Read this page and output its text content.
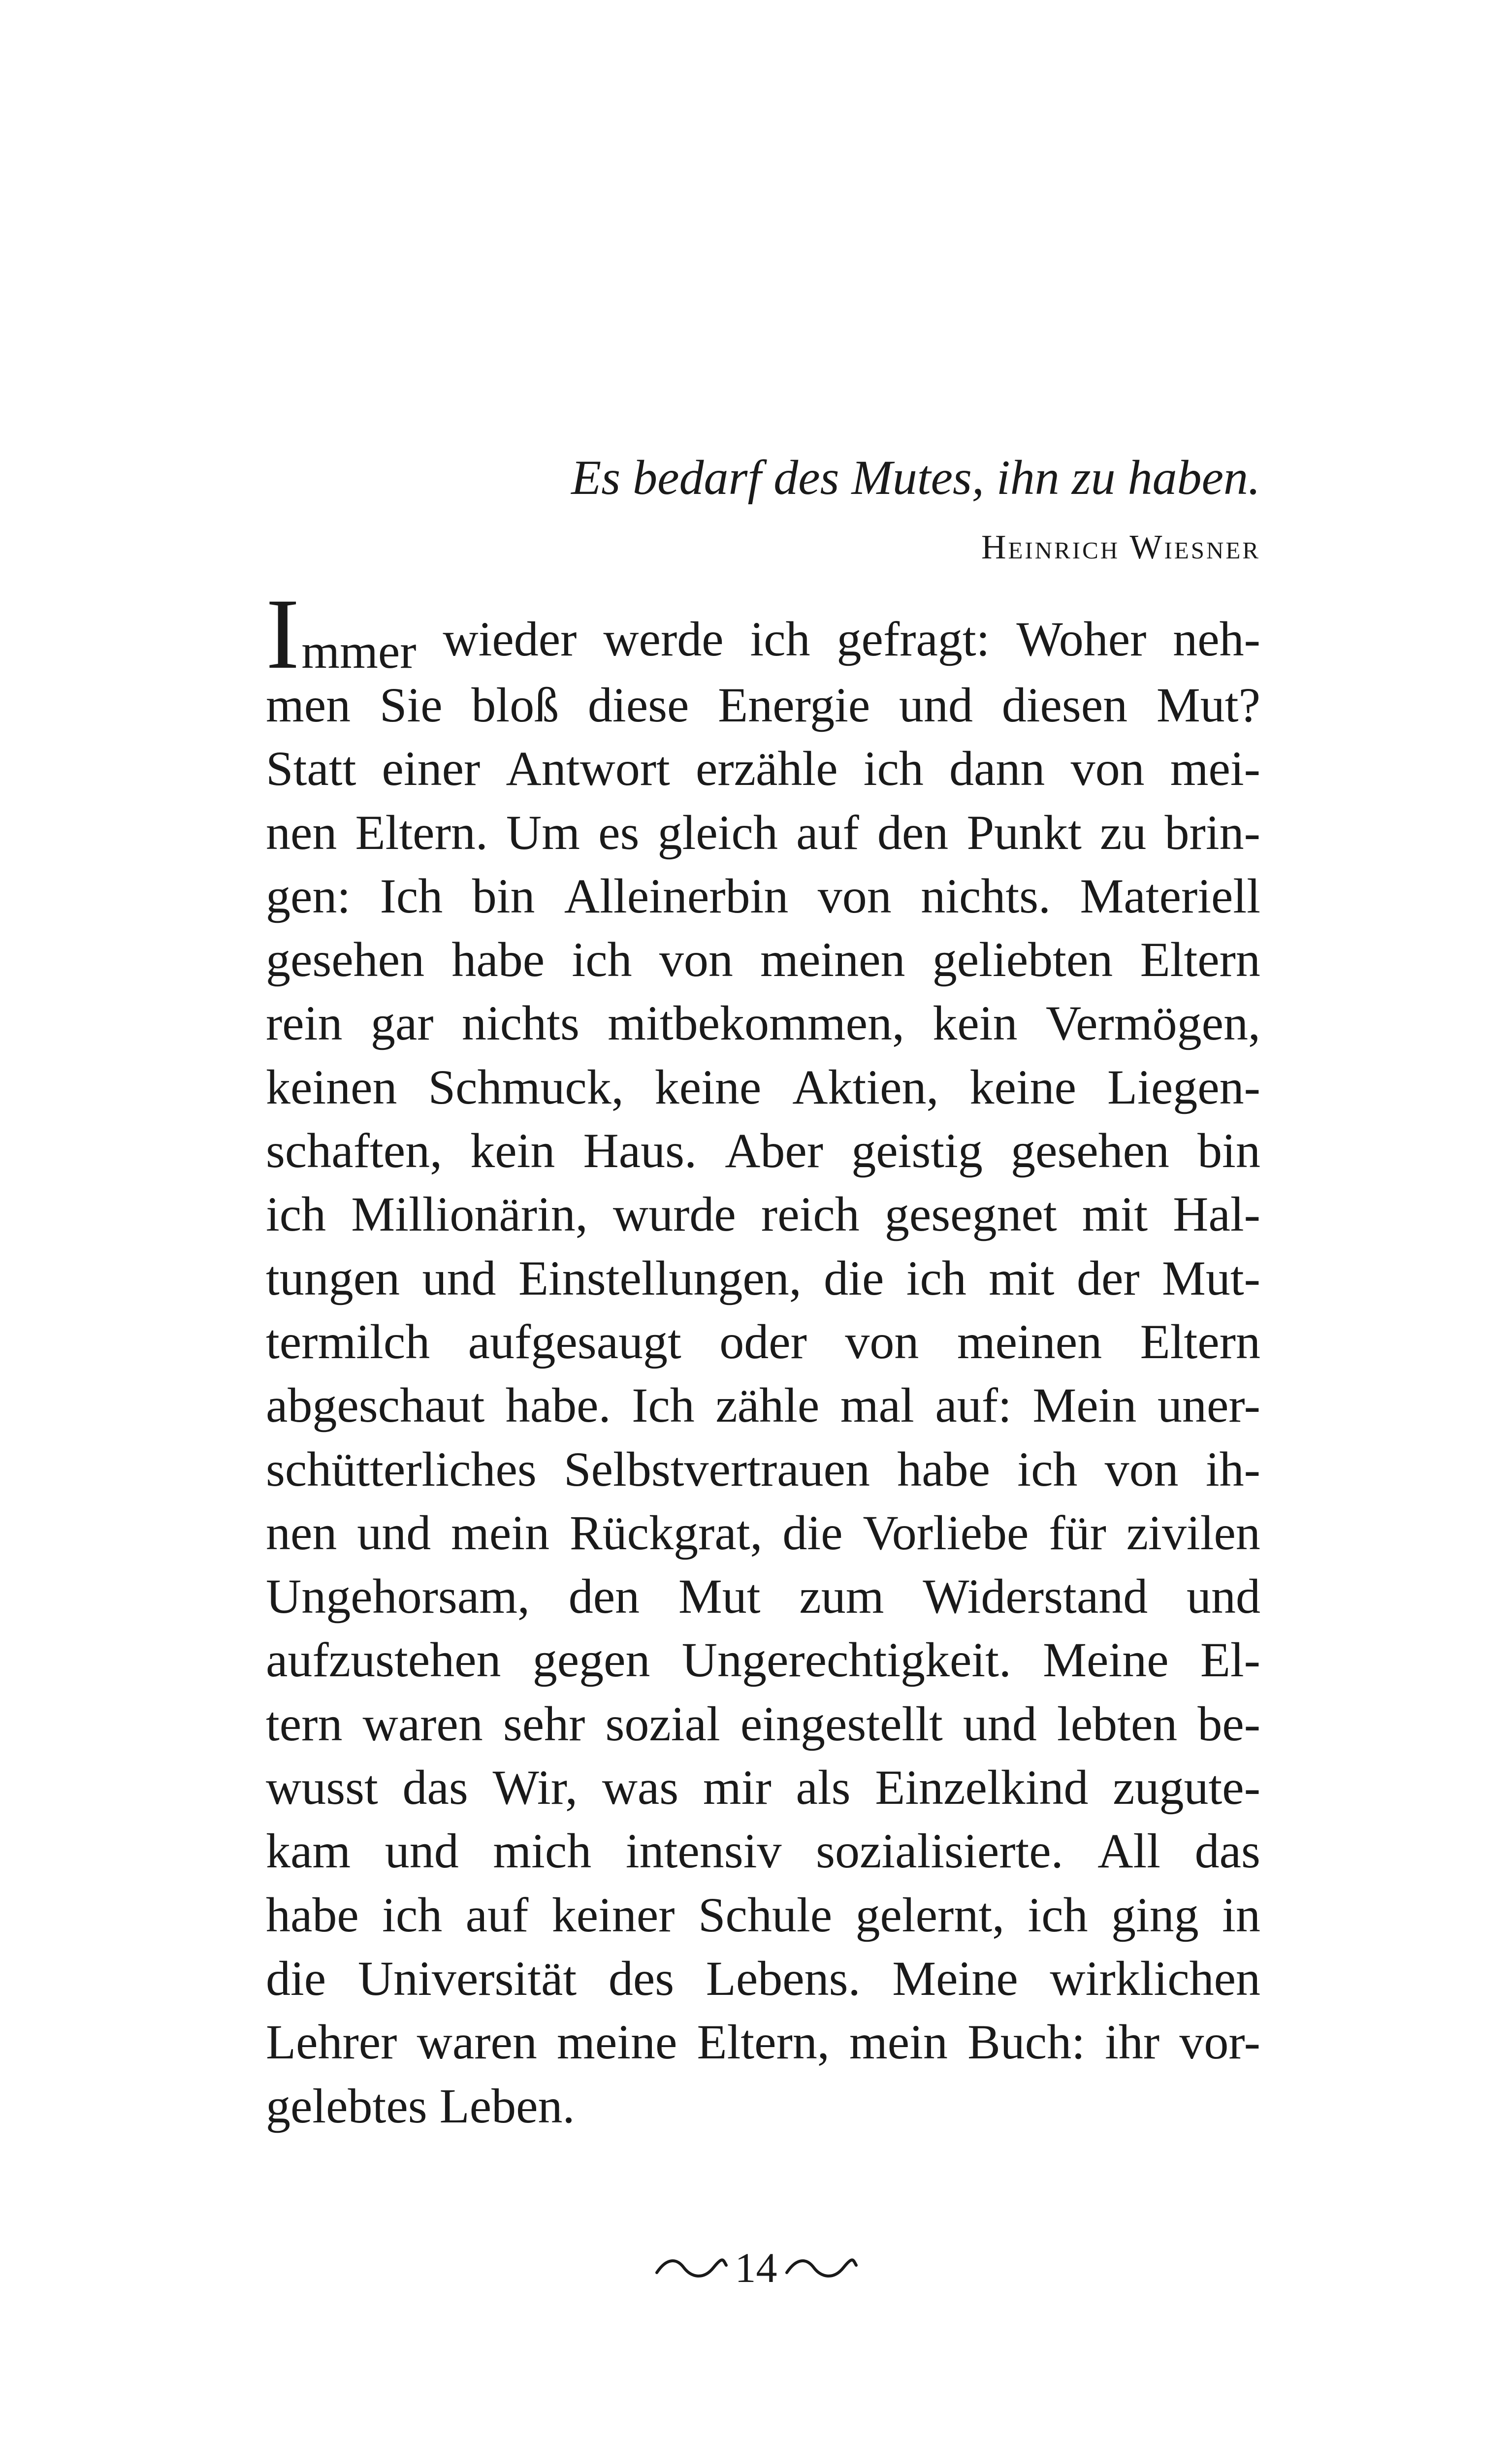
Es bedarf des Mutes, ihn zu haben.
Heinrich Wiesner
Immer wieder werde ich gefragt: Woher neh-
men Sie bloß diese Energie und diesen Mut?
Statt einer Antwort erzähle ich dann von mei-
nen Eltern. Um es gleich auf den Punkt zu brin-
gen: Ich bin Alleinerbin von nichts. Materiell
gesehen habe ich von meinen geliebten Eltern
rein gar nichts mitbekommen, kein Vermögen,
keinen Schmuck, keine Aktien, keine Liegen-
schaften, kein Haus. Aber geistig gesehen bin
ich Millionärin, wurde reich gesegnet mit Hal-
tungen und Einstellungen, die ich mit der Mut-
termilch aufgesaugt oder von meinen Eltern
abgeschaut habe. Ich zähle mal auf: Mein uner-
schütterliches Selbstvertrauen habe ich von ih-
nen und mein Rückgrat, die Vorliebe für zivilen
Ungehorsam, den Mut zum Widerstand und
aufzustehen gegen Ungerechtigkeit. Meine El-
tern waren sehr sozial eingestellt und lebten be-
wusst das Wir, was mir als Einzelkind zugute-
kam und mich intensiv sozialisierte. All das
habe ich auf keiner Schule gelernt, ich ging in
die Universität des Lebens. Meine wirklichen
Lehrer waren meine Eltern, mein Buch: ihr vor-
gelebtes Leben.
14
